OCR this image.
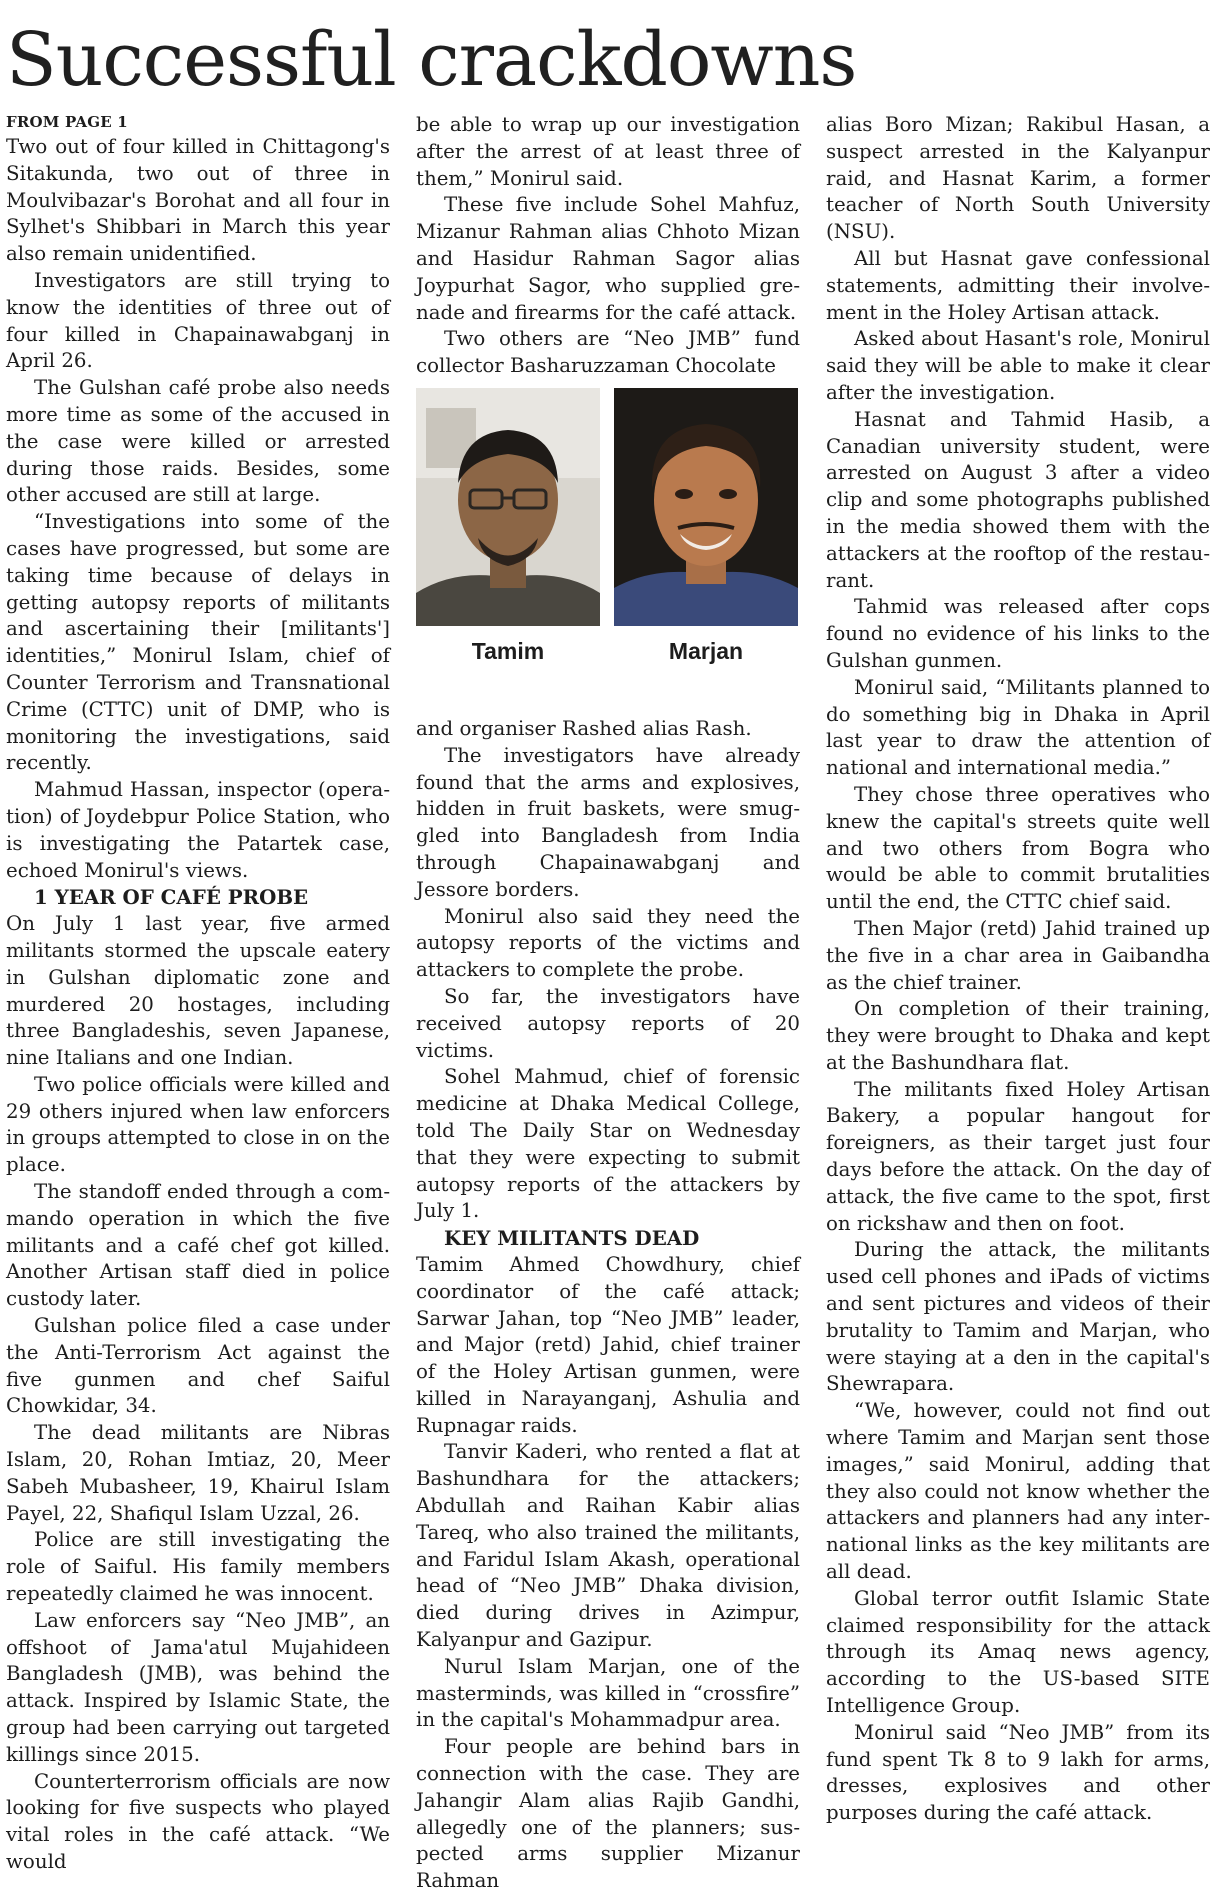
Successful crackdowns
FROM PAGE 1

Two out of four killed in Chittagong's Sitakunda, two out of three in Moulvibazar's Borohat and all four in Sylhet's Shibbari in March this year also remain unidentified.

Investigators are still trying to know the identities of three out of four killed in Chapainawabganj in April 26.

The Gulshan café probe also needs more time as some of the accused in the case were killed or arrested during those raids. Besides, some other accused are still at large.

“Investigations into some of the cases have progressed, but some are taking time because of delays in getting autopsy reports of militants and ascertaining their [militants'] identities,” Monirul Islam, chief of Counter Terrorism and Transnational Crime (CTTC) unit of DMP, who is monitoring the investigations, said recently.

Mahmud Hassan, inspector (operation) of Joydebpur Police Station, who is investigating the Patartek case, echoed Monirul's views.

1 YEAR OF CAFÉ PROBE

On July 1 last year, five armed militants stormed the upscale eatery in Gulshan diplomatic zone and murdered 20 hostages, including three Bangladeshis, seven Japanese, nine Italians and one Indian.

Two police officials were killed and 29 others injured when law enforcers in groups attempted to close in on the place.

The standoff ended through a commando operation in which the five militants and a café chef got killed. Another Artisan staff died in police custody later.

Gulshan police filed a case under the Anti-Terrorism Act against the five gunmen and chef Saiful Chowkidar, 34.

The dead militants are Nibras Islam, 20, Rohan Imtiaz, 20, Meer Sabeh Mubasheer, 19, Khairul Islam Payel, 22, Shafiqul Islam Uzzal, 26.

Police are still investigating the role of Saiful. His family members repeatedly claimed he was innocent.

Law enforcers say “Neo JMB”, an offshoot of Jama'atul Mujahideen Bangladesh (JMB), was behind the attack. Inspired by Islamic State, the group had been carrying out targeted killings since 2015.

Counterterrorism officials are now looking for five suspects who played vital roles in the café attack. “We would

be able to wrap up our investigation after the arrest of at least three of them,” Monirul said.

These five include Sohel Mahfuz, Mizanur Rahman alias Chhoto Mizan and Hasidur Rahman Sagor alias Joypurhat Sagor, who supplied grenade and firearms for the café attack.

Two others are “Neo JMB” fund collector Basharuzzaman Chocolate

Tamim	Marjan

and organiser Rashed alias Rash.

The investigators have already found that the arms and explosives, hidden in fruit baskets, were smuggled into Bangladesh from India through Chapainawabganj and Jessore borders.

Monirul also said they need the autopsy reports of the victims and attackers to complete the probe.

So far, the investigators have received autopsy reports of 20 victims.

Sohel Mahmud, chief of forensic medicine at Dhaka Medical College, told The Daily Star on Wednesday that they were expecting to submit autopsy reports of the attackers by July 1.

KEY MILITANTS DEAD

Tamim Ahmed Chowdhury, chief coordinator of the café attack; Sarwar Jahan, top “Neo JMB” leader, and Major (retd) Jahid, chief trainer of the Holey Artisan gunmen, were killed in Narayanganj, Ashulia and Rupnagar raids.

Tanvir Kaderi, who rented a flat at Bashundhara for the attackers; Abdullah and Raihan Kabir alias Tareq, who also trained the militants, and Faridul Islam Akash, operational head of “Neo JMB” Dhaka division, died during drives in Azimpur, Kalyanpur and Gazipur.

Nurul Islam Marjan, one of the masterminds, was killed in “crossfire” in the capital's Mohammadpur area.

Four people are behind bars in connection with the case. They are Jahangir Alam alias Rajib Gandhi, allegedly one of the planners; suspected arms supplier Mizanur Rahman

alias Boro Mizan; Rakibul Hasan, a suspect arrested in the Kalyanpur raid, and Hasnat Karim, a former teacher of North South University (NSU).

All but Hasnat gave confessional statements, admitting their involvement in the Holey Artisan attack.

Asked about Hasant's role, Monirul said they will be able to make it clear after the investigation.

Hasnat and Tahmid Hasib, a Canadian university student, were arrested on August 3 after a video clip and some photographs published in the media showed them with the attackers at the rooftop of the restaurant.

Tahmid was released after cops found no evidence of his links to the Gulshan gunmen.

Monirul said, “Militants planned to do something big in Dhaka in April last year to draw the attention of national and international media.”

They chose three operatives who knew the capital's streets quite well and two others from Bogra who would be able to commit brutalities until the end, the CTTC chief said.

Then Major (retd) Jahid trained up the five in a char area in Gaibandha as the chief trainer.

On completion of their training, they were brought to Dhaka and kept at the Bashundhara flat.

The militants fixed Holey Artisan Bakery, a popular hangout for foreigners, as their target just four days before the attack. On the day of attack, the five came to the spot, first on rickshaw and then on foot.

During the attack, the militants used cell phones and iPads of victims and sent pictures and videos of their brutality to Tamim and Marjan, who were staying at a den in the capital's Shewrapara.

“We, however, could not find out where Tamim and Marjan sent those images,” said Monirul, adding that they also could not know whether the attackers and planners had any international links as the key militants are all dead.

Global terror outfit Islamic State claimed responsibility for the attack through its Amaq news agency, according to the US-based SITE Intelligence Group.

Monirul said “Neo JMB” from its fund spent Tk 8 to 9 lakh for arms, dresses, explosives and other purposes during the café attack.
